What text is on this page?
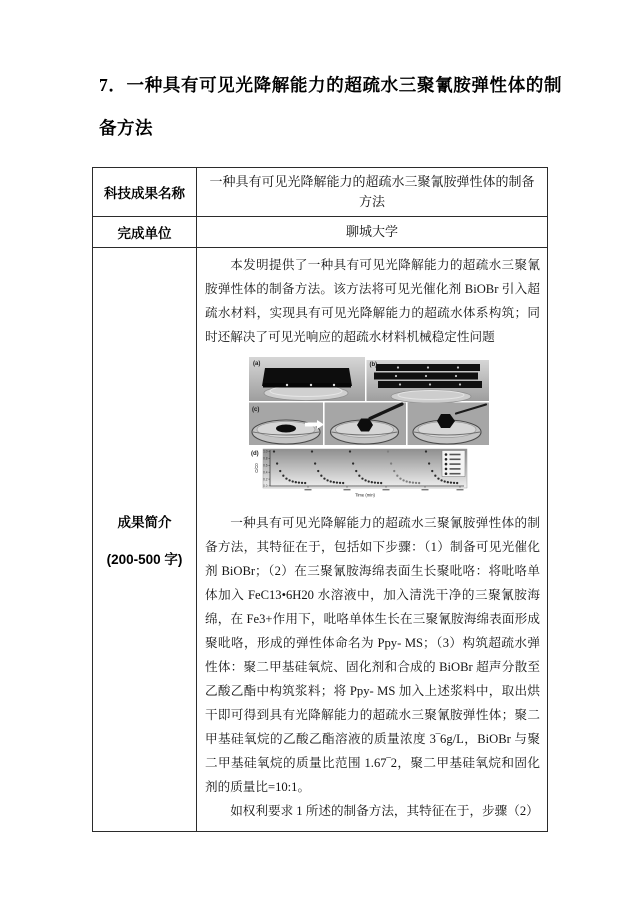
7．一种具有可见光降解能力的超疏水三聚氰胺弹性体的制备方法
科技成果名称
一种具有可见光降解能力的超疏水三聚氰胺弹性体的制备方法
完成单位	聊城大学
成果简介
(200-500 字)

本发明提供了一种具有可见光降解能力的超疏水三聚氰胺弹性体的制备方法。该方法将可见光催化剂 BiOBr 引入超疏水材料，实现具有可见光降解能力的超疏水体系构筑；同时还解决了可见光响应的超疏水材料机械稳定性问题

(a)	(b)
(c)
1.0
0.8
0.6
0.4
0.2
0.0
Time (min)
C/C0
(d)

一种具有可见光降解能力的超疏水三聚氰胺弹性体的制备方法，其特征在于，包括如下步骤：（1）制备可见光催化剂 BiOBr；（2）在三聚氰胺海绵表面生长聚吡咯：将吡咯单体加入 FeC13•6H20 水溶液中，加入清洗干净的三聚氰胺海绵，在 Fe3+作用下，吡咯单体生长在三聚氰胺海绵表面形成聚吡咯，形成的弹性体命名为 Ppy- MS；（3）构筑超疏水弹性体：聚二甲基硅氧烷、固化剂和合成的 BiOBr 超声分散至乙酸乙酯中构筑浆料；将 Ppy- MS 加入上述浆料中，取出烘干即可得到具有光降解能力的超疏水三聚氰胺弹性体；聚二甲基硅氧烷的乙酸乙酯溶液的质量浓度 3‾6g/L，BiOBr 与聚二甲基硅氧烷的质量比范围 1.67‾2，聚二甲基硅氧烷和固化剂的质量比=10:1。

如权利要求 1 所述的制备方法，其特征在于，步骤（2）
